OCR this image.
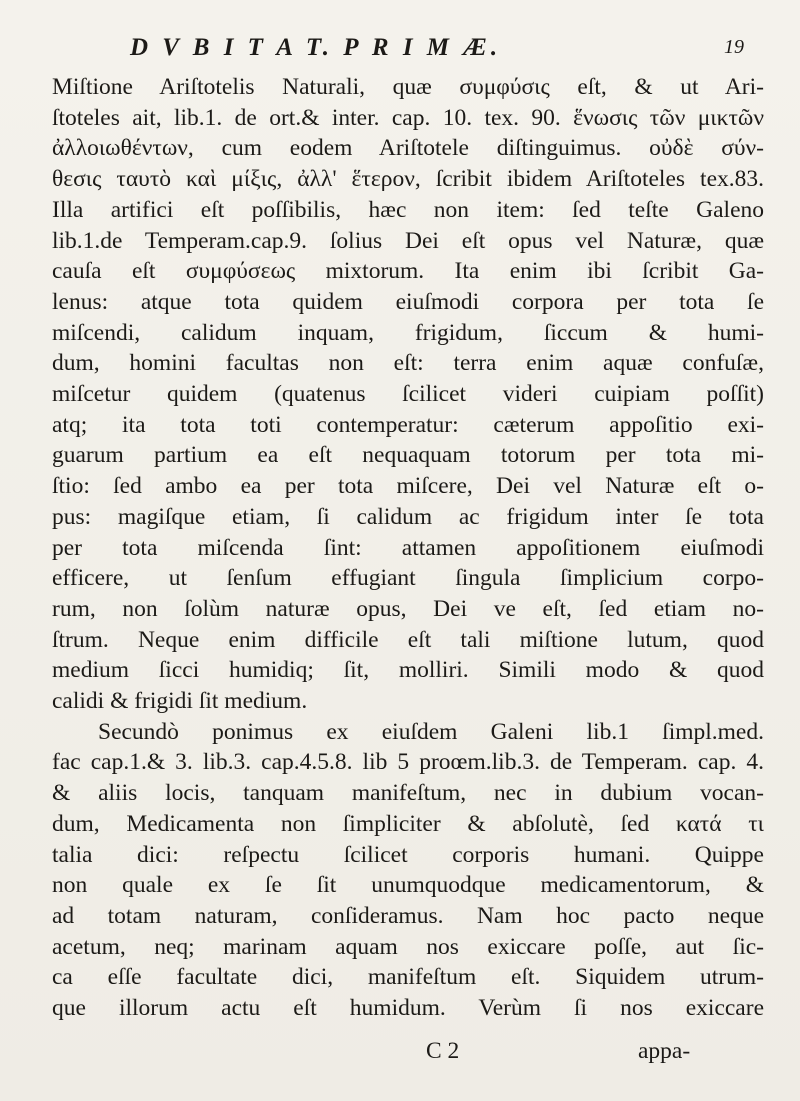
D V B I T A T. P R I M Æ.	19

Miſtione Ariſtotelis Naturali, quæ συμφύσις eſt, & ut Ari-
ſtoteles ait, lib.1. de ort.& inter. cap. 10. tex. 90. ἕνωσις τῶν μικτῶν
ἀλλοιωθέντων, cum eodem Ariſtotele diſtinguimus. οὐδὲ σύν-
θεσις ταυτὸ καὶ μίξις, ἀλλ' ἕτερον, ſcribit ibidem Ariſtoteles tex.83.
Illa artifici eſt poſſibilis, hæc non item: ſed teſte Galeno
lib.1.de Temperam.cap.9. ſolius Dei eſt opus vel Naturæ, quæ
cauſa eſt συμφύσεως mixtorum. Ita enim ibi ſcribit Ga-
lenus: atque tota quidem eiuſmodi corpora per tota ſe
miſcendi, calidum inquam, frigidum, ſiccum & humi-
dum, homini facultas non eſt: terra enim aquæ confuſæ,
miſcetur quidem (quatenus ſcilicet videri cuipiam poſſit)
atq; ita tota toti contemperatur: cæterum appoſitio exi-
guarum partium ea eſt nequaquam totorum per tota mi-
ſtio: ſed ambo ea per tota miſcere, Dei vel Naturæ eſt o-
pus: magiſque etiam, ſi calidum ac frigidum inter ſe tota
per tota miſcenda ſint: attamen appoſitionem eiuſmodi
efficere, ut ſenſum effugiant ſingula ſimplicium corpo-
rum, non ſolùm naturæ opus, Dei ve eſt, ſed etiam no-
ſtrum. Neque enim difficile eſt tali miſtione lutum, quod
medium ſicci humidiq; ſit, molliri. Simili modo & quod
calidi & frigidi ſit medium.
Secundò ponimus ex eiuſdem Galeni lib.1 ſimpl.med.
fac cap.1.& 3. lib.3. cap.4.5.8. lib 5 proœm.lib.3. de Temperam. cap. 4.
& aliis locis, tanquam manifeſtum, nec in dubium vocan-
dum, Medicamenta non ſimpliciter & abſolutè, ſed κατά τι
talia dici: reſpectu ſcilicet corporis humani. Quippe
non quale ex ſe ſit unumquodque medicamentorum, &
ad totam naturam, conſideramus. Nam hoc pacto neque
acetum, neq; marinam aquam nos exiccare poſſe, aut ſic-
ca eſſe facultate dici, manifeſtum eſt. Siquidem utrum-
que illorum actu eſt humidum. Verùm ſi nos exiccare

C 2	appa-
